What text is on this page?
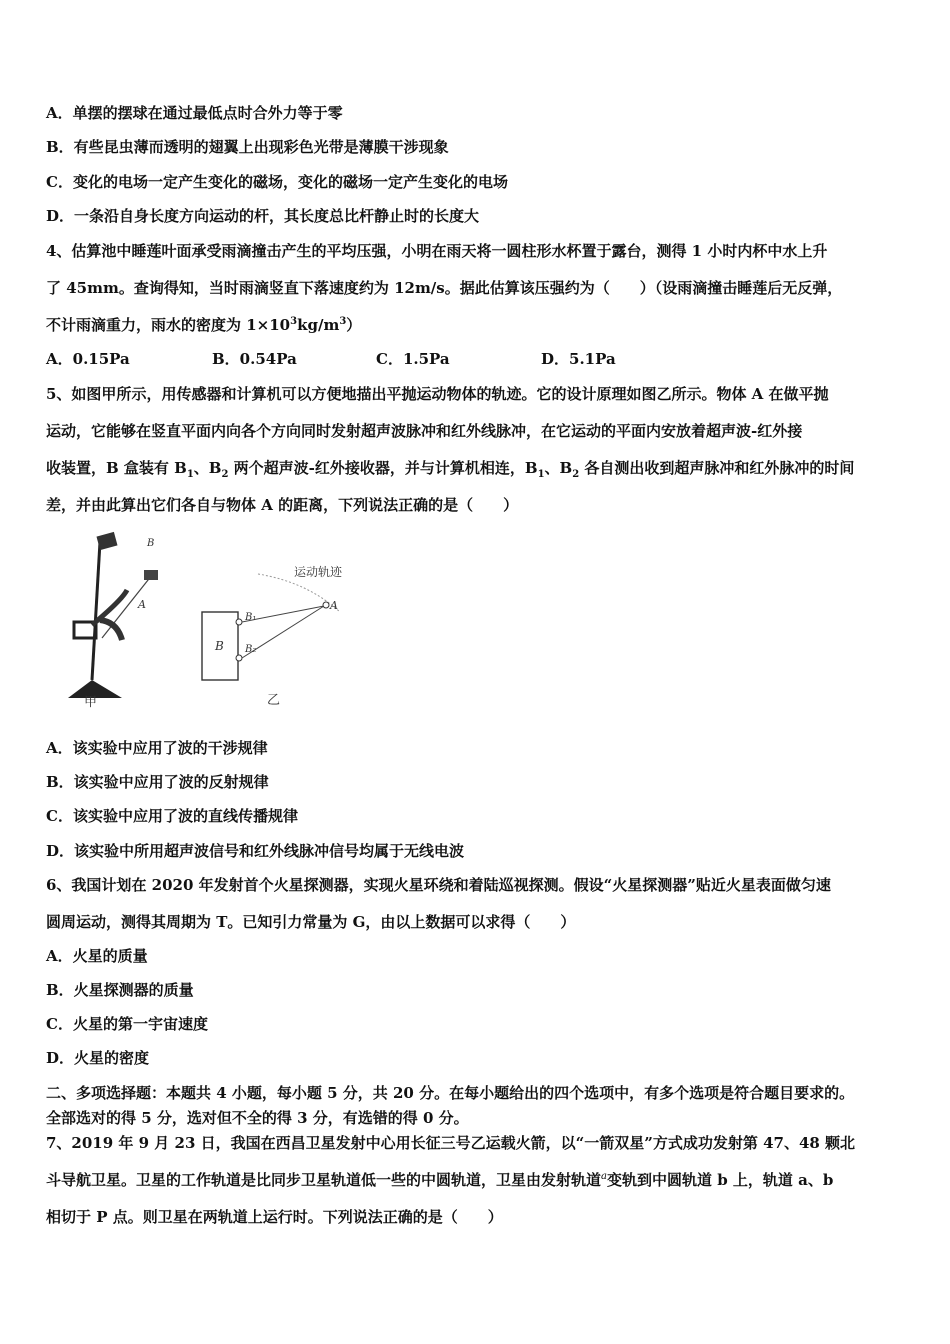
A．单摆的摆球在通过最低点时合外力等于零
B．有些昆虫薄而透明的翅翼上出现彩色光带是薄膜干涉现象
C．变化的电场一定产生变化的磁场，变化的磁场一定产生变化的电场
D．一条沿自身长度方向运动的杆，其长度总比杆静止时的长度大
4、估算池中睡莲叶面承受雨滴撞击产生的平均压强，小明在雨天将一圆柱形水杯置于露台，测得 1 小时内杯中水上升
了 45mm。查询得知，当时雨滴竖直下落速度约为 12m/s。据此估算该压强约为（　　）（设雨滴撞击睡莲后无反弹，
不计雨滴重力，雨水的密度为 $1\times 10^3kg/m^3$）
A．0.15Pa	B．0.54Pa	C．1.5Pa	D．5.1Pa
5、如图甲所示，用传感器和计算机可以方便地描出平抛运动物体的轨迹。它的设计原理如图乙所示。物体 A 在做平抛
运动，它能够在竖直平面内向各个方向同时发射超声波脉冲和红外线脉冲，在它运动的平面内安放着超声波-红外接
收装置，B 盒装有 $B_1$、$B_2$ 两个超声波-红外接收器，并与计算机相连，$B_1$、$B_2$ 各自测出收到超声脉冲和红外脉冲的时间
差，并由此算出它们各自与物体 A 的距离，下列说法正确的是（　　）
B
A
甲
运动轨迹
A
B
B₁
B₂
乙
A．该实验中应用了波的干涉规律
B．该实验中应用了波的反射规律
C．该实验中应用了波的直线传播规律
D．该实验中所用超声波信号和红外线脉冲信号均属于无线电波
6、我国计划在 2020 年发射首个火星探测器，实现火星环绕和着陆巡视探测。假设“火星探测器”贴近火星表面做匀速
圆周运动，测得其周期为 T。已知引力常量为 G，由以上数据可以求得（　　）
A．火星的质量
B．火星探测器的质量
C．火星的第一宇宙速度
D．火星的密度
二、多项选择题：本题共 4 小题，每小题 5 分，共 20 分。在每小题给出的四个选项中，有多个选项是符合题目要求的。
全部选对的得 5 分，选对但不全的得 3 分，有选错的得 0 分。
7、2019 年 9 月 23 日，我国在西昌卫星发射中心用长征三号乙运载火箭，以“一箭双星”方式成功发射第 47、48 颗北
斗导航卫星。卫星的工作轨道是比同步卫星轨道低一些的中圆轨道，卫星由发射轨道$^a$变轨到中圆轨道 b 上，轨道 a、b
相切于 P 点。则卫星在两轨道上运行时。下列说法正确的是（　　）
